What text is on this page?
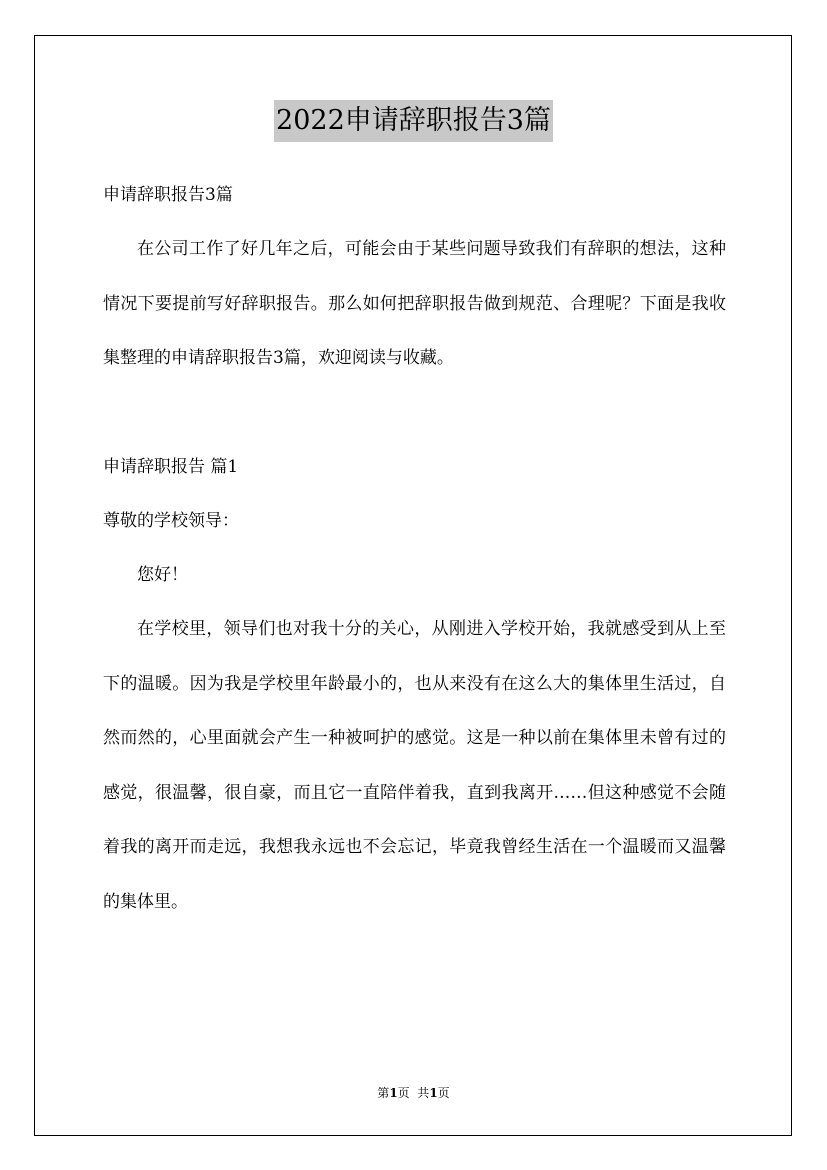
2022申请辞职报告3篇
申请辞职报告3篇

在公司工作了好几年之后，可能会由于某些问题导致我们有辞职的想法，这种情况下要提前写好辞职报告。那么如何把辞职报告做到规范、合理呢？下面是我收集整理的申请辞职报告3篇，欢迎阅读与收藏。

申请辞职报告 篇1
尊敬的学校领导：

您好！

在学校里，领导们也对我十分的关心，从刚进入学校开始，我就感受到从上至下的温暖。因为我是学校里年龄最小的，也从来没有在这么大的集体里生活过，自然而然的，心里面就会产生一种被呵护的感觉。这是一种以前在集体里未曾有过的感觉，很温馨，很自豪，而且它一直陪伴着我，直到我离开……但这种感觉不会随着我的离开而走远，我想我永远也不会忘记，毕竟我曾经生活在一个温暖而又温馨的集体里。

第1页  共1页
